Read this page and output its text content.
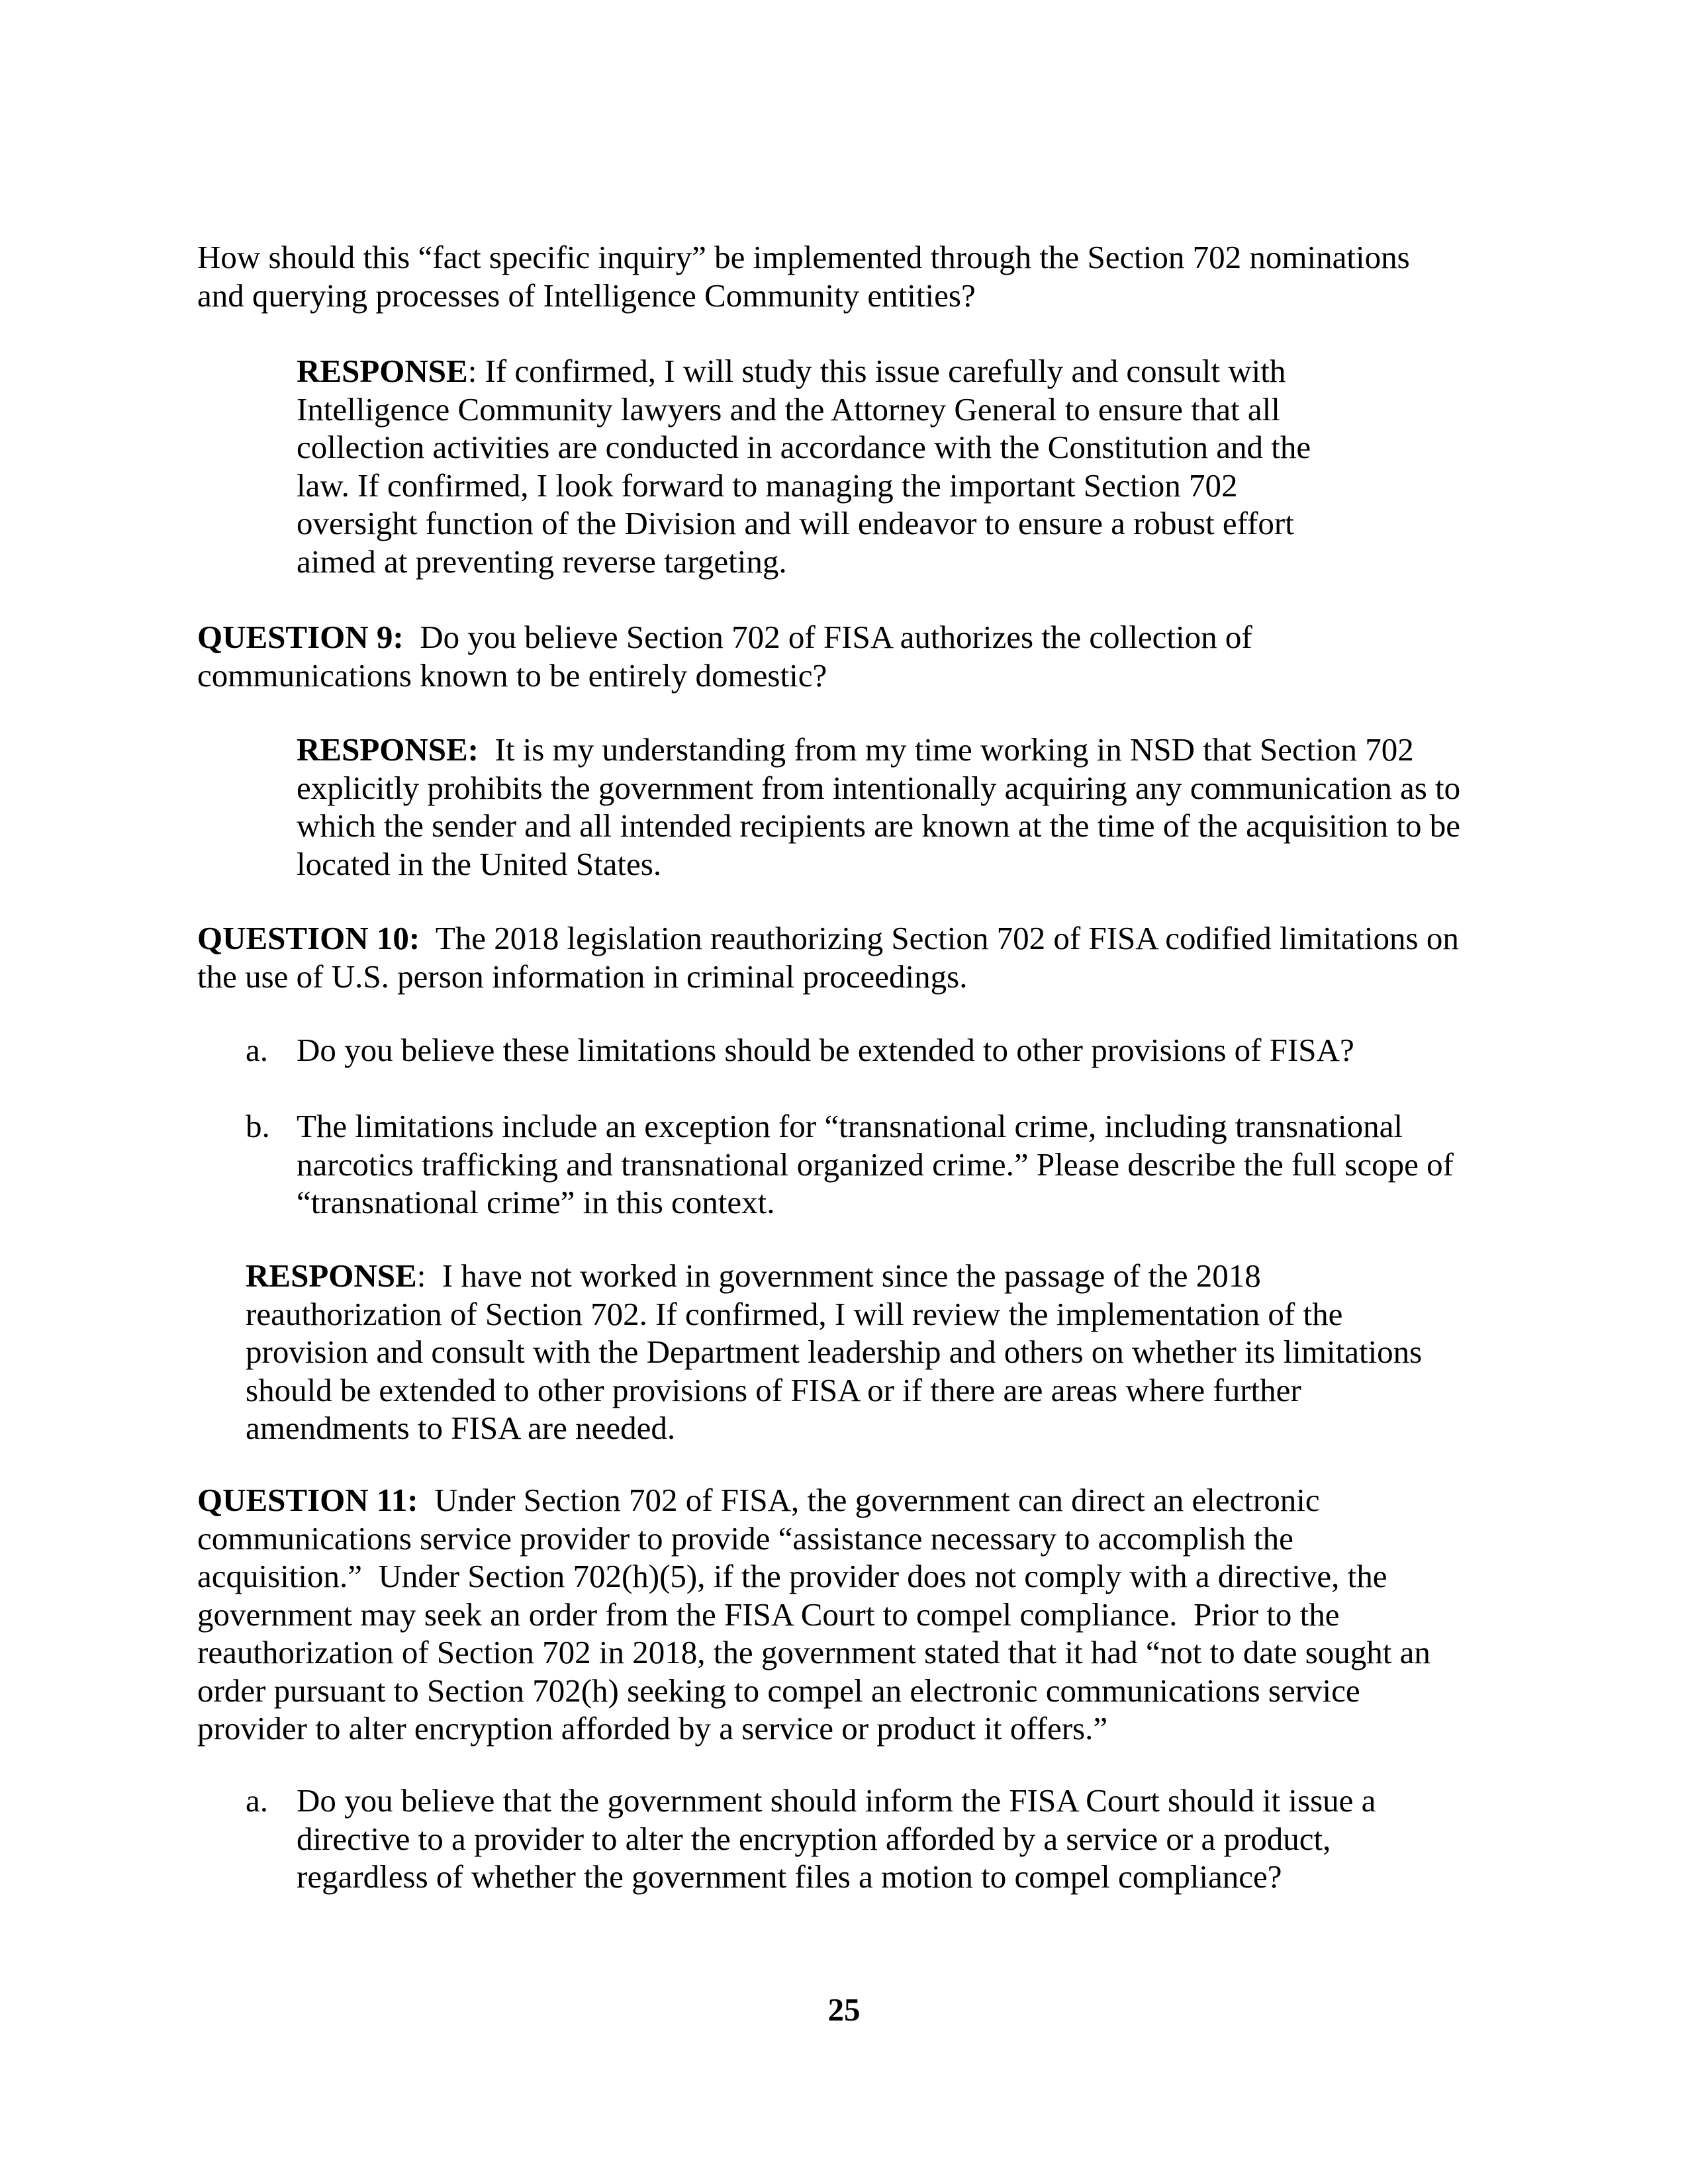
How should this “fact specific inquiry” be implemented through the Section 702 nominations
and querying processes of Intelligence Community entities?
RESPONSE: If confirmed, I will study this issue carefully and consult with
Intelligence Community lawyers and the Attorney General to ensure that all
collection activities are conducted in accordance with the Constitution and the
law. If confirmed, I look forward to managing the important Section 702
oversight function of the Division and will endeavor to ensure a robust effort
aimed at preventing reverse targeting.
QUESTION 9:  Do you believe Section 702 of FISA authorizes the collection of
communications known to be entirely domestic?
RESPONSE:  It is my understanding from my time working in NSD that Section 702
explicitly prohibits the government from intentionally acquiring any communication as to
which the sender and all intended recipients are known at the time of the acquisition to be
located in the United States.
QUESTION 10:  The 2018 legislation reauthorizing Section 702 of FISA codified limitations on
the use of U.S. person information in criminal proceedings.
RESPONSE:  I have not worked in government since the passage of the 2018
reauthorization of Section 702. If confirmed, I will review the implementation of the
provision and consult with the Department leadership and others on whether its limitations
should be extended to other provisions of FISA or if there are areas where further
amendments to FISA are needed.
QUESTION 11:  Under Section 702 of FISA, the government can direct an electronic
communications service provider to provide “assistance necessary to accomplish the
acquisition.”  Under Section 702(h)(5), if the provider does not comply with a directive, the
government may seek an order from the FISA Court to compel compliance.  Prior to the
reauthorization of Section 702 in 2018, the government stated that it had “not to date sought an
order pursuant to Section 702(h) seeking to compel an electronic communications service
provider to alter encryption afforded by a service or product it offers.”
a. Do you believe these limitations should be extended to other provisions of FISA?
b. The limitations include an exception for “transnational crime, including transnational
narcotics trafficking and transnational organized crime.” Please describe the full scope of
“transnational crime” in this context.
a. Do you believe that the government should inform the FISA Court should it issue a
directive to a provider to alter the encryption afforded by a service or a product,
regardless of whether the government files a motion to compel compliance?
25
